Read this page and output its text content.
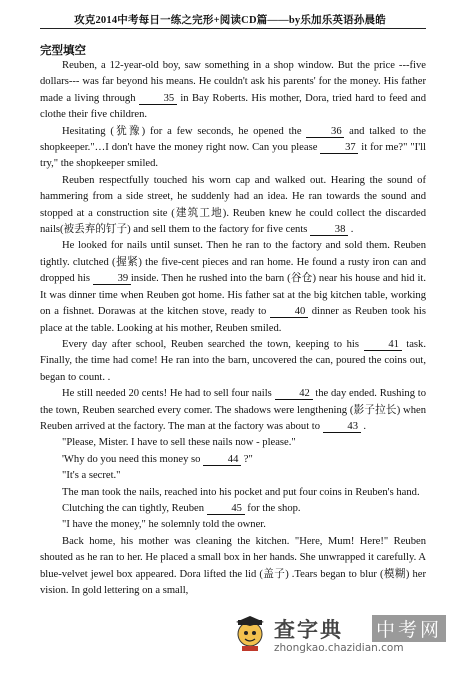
攻克2014中考每日一练之完形+阅读CD篇——by乐加乐英语孙晨皓
完型填空

Reuben, a 12-year-old boy, saw something in a shop window. But the price ---five dollars--- was far beyond his means. He couldn't ask his parents' for the money. His father made a living through 35 in Bay Roberts. His mother, Dora, tried hard to feed and clothe their five children.

Hesitating (犹豫) for a few seconds, he opened the 36 and talked to the shopkeeper."…I don't have the money right now. Can you please 37 it for me?" "I'll try," the shopkeeper smiled.

Reuben respectfully touched his worn cap and walked out. Hearing the sound of hammering from a side street, he suddenly had an idea. He ran towards the sound and stopped at a construction site (建筑工地). Reuben knew he could collect the discarded nails(被丢弃的钉子) and sell them to the factory for five cents 38 .

He looked for nails until sunset. Then he ran to the factory and sold them. Reuben tightly. clutched (握紧) the five-cent pieces and ran home. He found a rusty iron can and dropped his 39 inside. Then he rushed into the barn (谷仓) near his house and hid it. It was dinner time when Reuben got home. His father sat at the big kitchen table, working on a fishnet. Dorawas at the kitchen stove, ready to 40 dinner as Reuben took his place at the table. Looking at his mother, Reuben smiled.

Every day after school, Reuben searched the town, keeping to his 41 task. Finally, the time had come! He ran into the barn, uncovered the can, poured the coins out, began to count. .

He still needed 20 cents! He had to sell four nails 42 the day ended. Rushing to the town, Reuben searched every comer. The shadows were lengthening (影子拉长) when Reuben arrived at the factory. The man at the factory was about to 43 .

"Please, Mister. I have to sell these nails now - please."

'Why do you need this money so 44 ?"

"It's a secret."

The man took the nails, reached into his pocket and put four coins in Reuben's hand.

Clutching the can tightly, Reuben 45 for the shop.

"I have the money," he solemnly told the owner.

Back home, his mother was cleaning the kitchen. "Here, Mum! Here!" Reuben shouted as he ran to her. He placed a small box in her hands. She unwrapped it carefully. A blue-velvet jewel box appeared. Dora lifted the lid (盖子) .Tears began to blur (模糊) her vision. In gold lettering on a small,

查字典 中考网
zhongkao.chazidian.com
